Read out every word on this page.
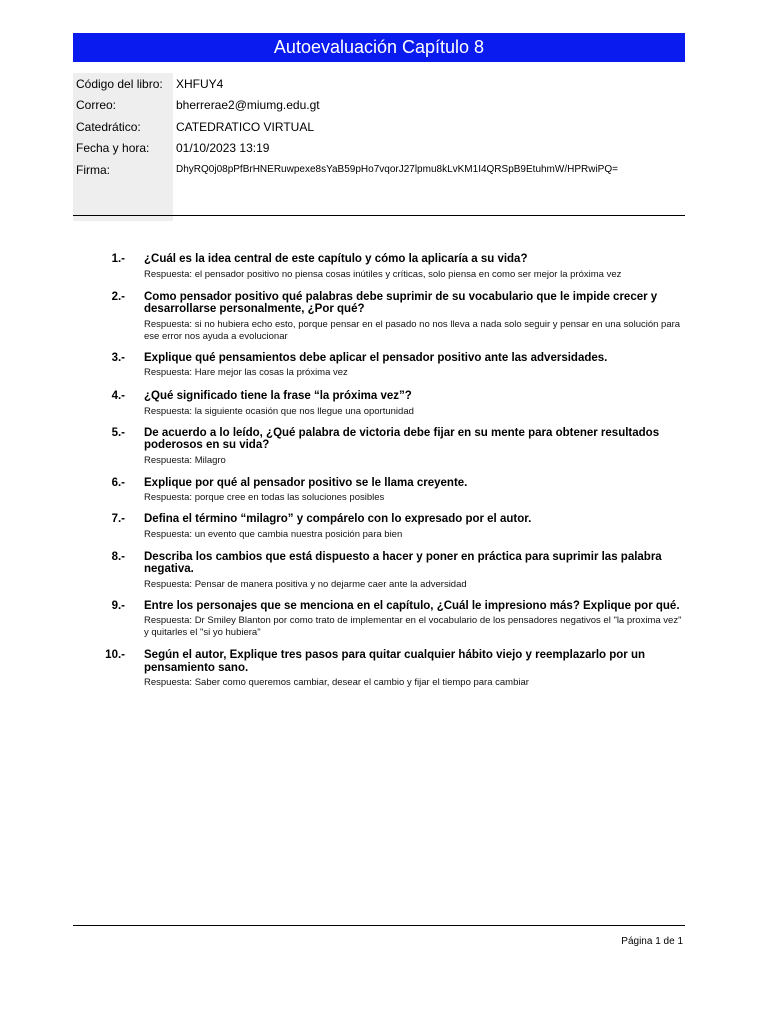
Autoevaluación Capítulo 8
Código del libro:	XHFUY4
Correo:	bherrerae2@miumg.edu.gt
Catedrático:	CATEDRATICO VIRTUAL
Fecha y hora:	01/10/2023 13:19
Firma:	DhyRQ0j08pPfBrHNERuwpexe8sYaB59pHo7vqorJ27lpmu8kLvKM1I4QRSpB9EtuhmW/HPRwiPQ=
1.-	¿Cuál es la idea central de este capítulo y cómo la aplicaría a su vida?
Respuesta: el pensador positivo no piensa cosas inútiles y críticas, solo piensa en como ser mejor la próxima vez
2.-	Como pensador positivo qué palabras debe suprimir de su vocabulario que le impide crecer y desarrollarse personalmente, ¿Por qué?
Respuesta: si no hubiera echo esto, porque pensar en el pasado no nos lleva a nada solo seguir y pensar en una solución para ese error nos ayuda a evolucionar
3.-	Explique qué pensamientos debe aplicar el pensador positivo ante las adversidades.
Respuesta: Hare mejor las cosas la próxima vez
4.-	¿Qué significado tiene la frase “la próxima vez”?
Respuesta: la siguiente ocasión que nos llegue una oportunidad
5.-	De acuerdo a lo leído, ¿Qué palabra de victoria debe fijar en su mente para obtener resultados poderosos en su vida?
Respuesta: Milagro
6.-	Explique por qué al pensador positivo se le llama creyente.
Respuesta: porque cree en todas las soluciones posibles
7.-	Defina el término “milagro” y compárelo con lo expresado por el autor.
Respuesta: un evento que cambia nuestra posición para bien
8.-	Describa los cambios que está dispuesto a hacer y poner en práctica para suprimir las palabra negativa.
Respuesta: Pensar de manera positiva y no dejarme caer ante la adversidad
9.-	Entre los personajes que se menciona en el capítulo, ¿Cuál le impresiono más? Explique por qué.
Respuesta: Dr Smiley Blanton por como trato de implementar en el vocabulario de los pensadores negativos el "la proxima vez" y quitarles el "si yo hubiera"
10.-	Según el autor, Explique tres pasos para quitar cualquier hábito viejo y reemplazarlo por un pensamiento sano.
Respuesta: Saber como queremos cambiar, desear el cambio y fijar el tiempo para cambiar
Página 1 de 1
